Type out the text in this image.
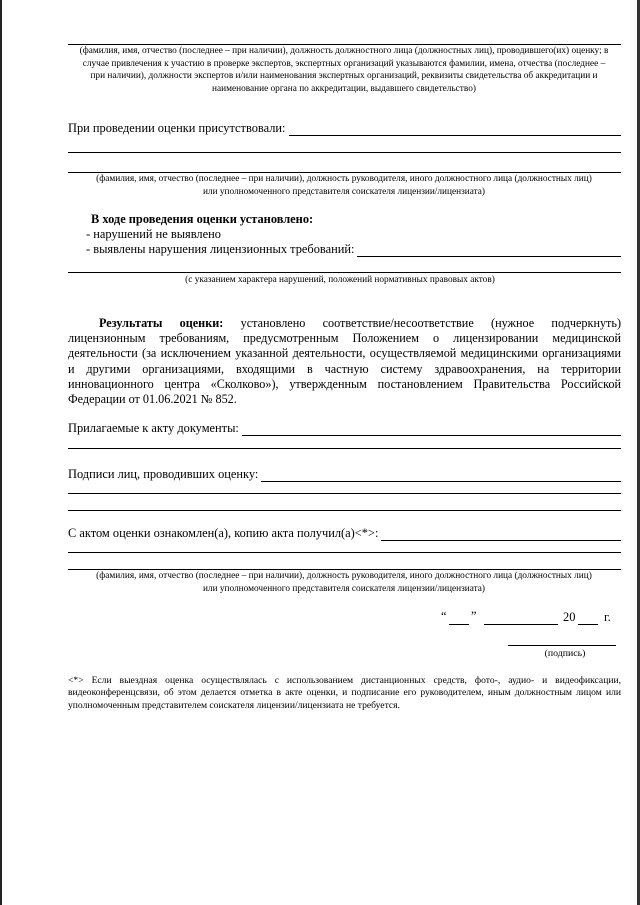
(фамилия, имя, отчество (последнее – при наличии), должность должностного лица (должностных лиц), проводившего(их) оценку; в случае привлечения к участию в проверке экспертов, экспертных организаций указываются фамилии, имена, отчества (последнее – при наличии), должности экспертов и/или наименования экспертных организаций, реквизиты свидетельства об аккредитации и наименование органа по аккредитации, выдавшего свидетельство)
При проведении оценки присутствовали:
(фамилия, имя, отчество (последнее – при наличии), должность руководителя, иного должностного лица (должностных лиц) или уполномоченного представителя соискателя лицензии/лицензиата)
В ходе проведения оценки установлено:
- нарушений не выявлено
- выявлены нарушения лицензионных требований:
(с указанием характера нарушений, положений нормативных правовых актов)
Результаты оценки: установлено соответствие/несоответствие (нужное подчеркнуть) лицензионным требованиям, предусмотренным Положением о лицензировании медицинской деятельности (за исключением указанной деятельности, осуществляемой медицинскими организациями и другими организациями, входящими в частную систему здравоохранения, на территории инновационного центра «Сколково»), утвержденным постановлением Правительства Российской Федерации от 01.06.2021 № 852.
Прилагаемые к акту документы:
Подписи лиц, проводивших оценку:
С актом оценки ознакомлен(а), копию акта получил(а)<*>:
(фамилия, имя, отчество (последнее – при наличии), должность руководителя, иного должностного лица (должностных лиц) или уполномоченного представителя соискателя лицензии/лицензиата)
“ ”	20 г.
(подпись)
<*> Если выездная оценка осуществлялась с использованием дистанционных средств, фото-, аудио- и видеофиксации, видеоконференцсвязи, об этом делается отметка в акте оценки, и подписание его руководителем, иным должностным лицом или уполномоченным представителем соискателя лицензии/лицензиата не требуется.
